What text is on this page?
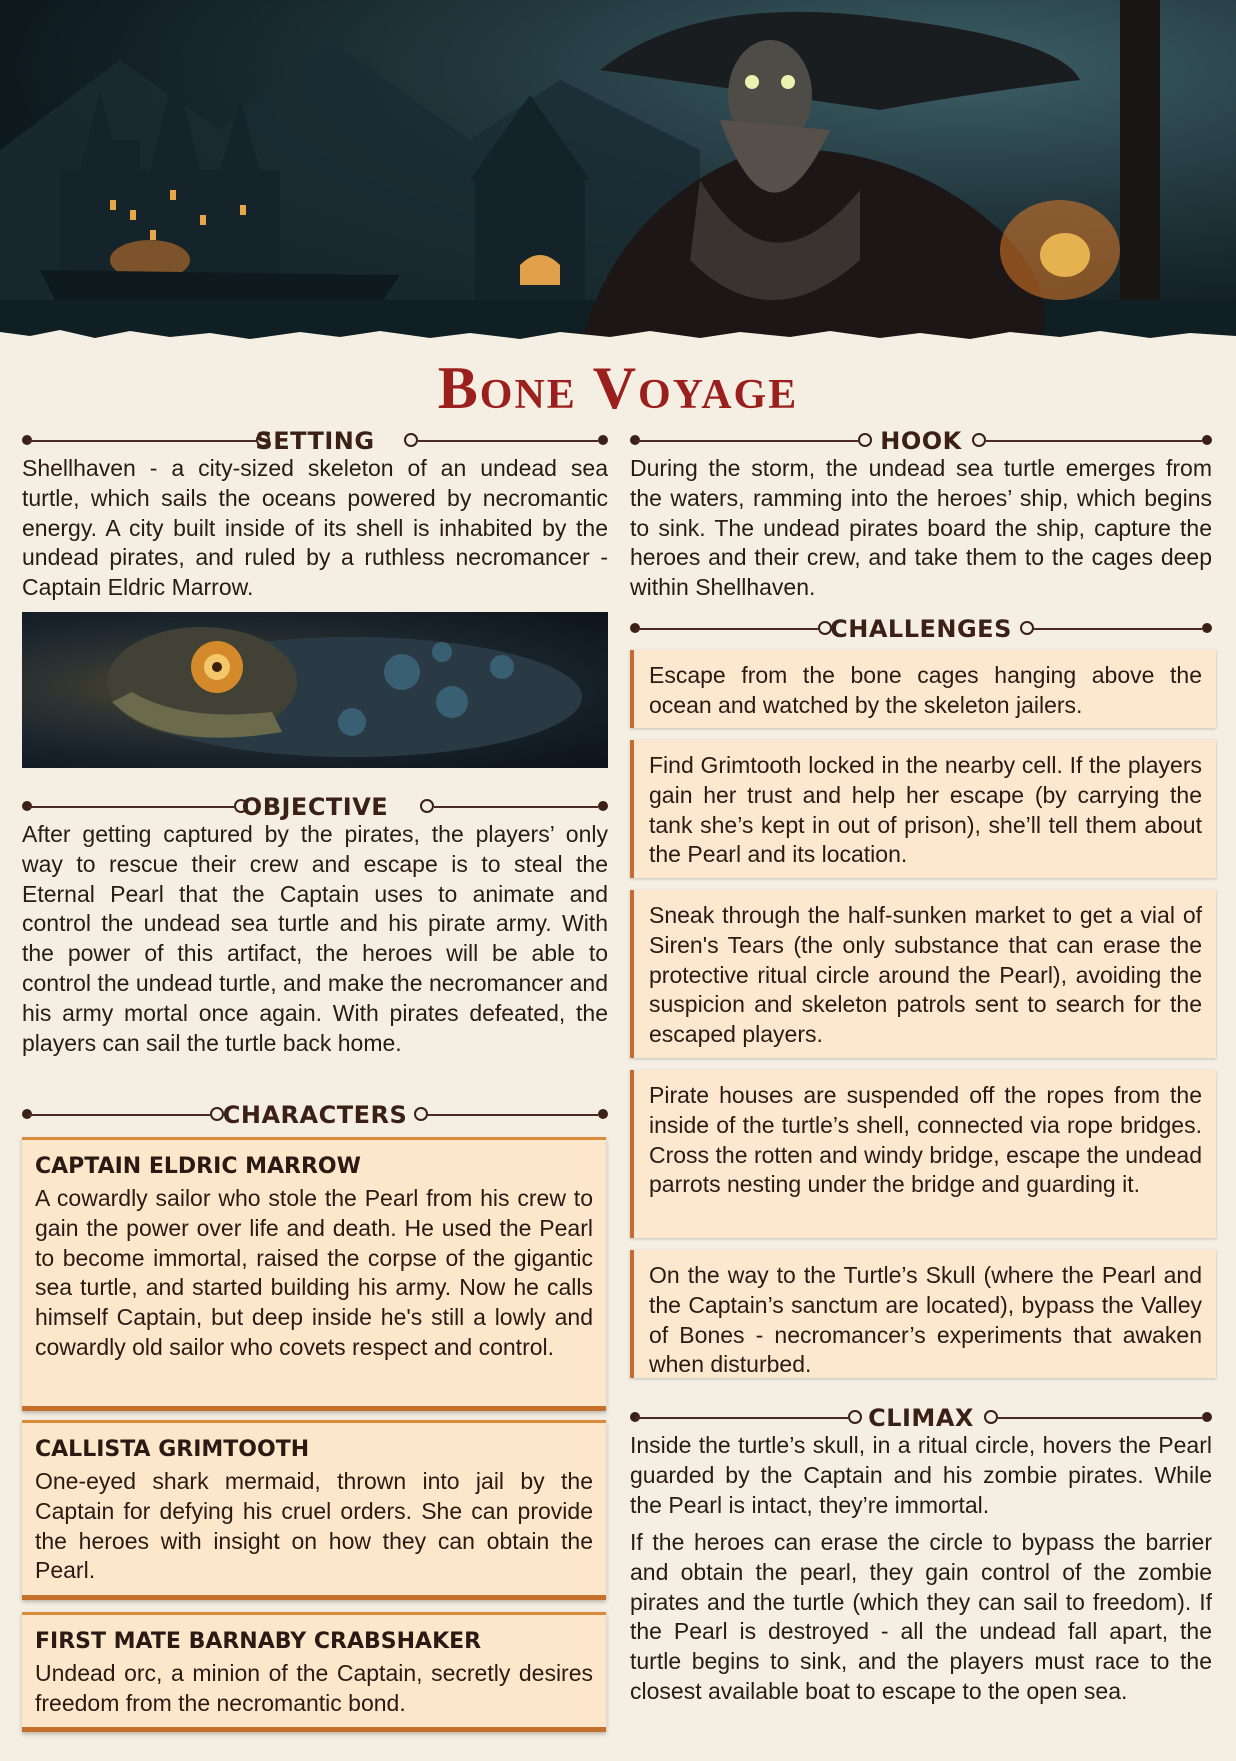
Bone Voyage
SETTING

Shellhaven - a city-sized skeleton of an undead sea turtle, which sails the oceans powered by necromantic energy. A city built inside of its shell is inhabited by the undead pirates, and ruled by a ruthless necromancer - Captain Eldric Marrow.

OBJECTIVE

After getting captured by the pirates, the players’ only way to rescue their crew and escape is to steal the Eternal Pearl that the Captain uses to animate and control the undead sea turtle and his pirate army. With the power of this artifact, the heroes will be able to control the undead turtle, and make the necromancer and his army mortal once again. With pirates defeated, the players can sail the turtle back home.

CHARACTERS

CAPTAIN ELDRIC MARROW

A cowardly sailor who stole the Pearl from his crew to gain the power over life and death. He used the Pearl to become immortal, raised the corpse of the gigantic sea turtle, and started building his army. Now he calls himself Captain, but deep inside he's still a lowly and cowardly old sailor who covets respect and control.

CALLISTA GRIMTOOTH

One-eyed shark mermaid, thrown into jail by the Captain for defying his cruel orders. She can provide the heroes with insight on how they can obtain the Pearl.

FIRST MATE BARNABY CRABSHAKER

Undead orc, a minion of the Captain, secretly desires freedom from the necromantic bond.

HOOK

During the storm, the undead sea turtle emerges from the waters, ramming into the heroes’ ship, which begins to sink. The undead pirates board the ship, capture the heroes and their crew, and take them to the cages deep within Shellhaven.

CHALLENGES

Escape from the bone cages hanging above the ocean and watched by the skeleton jailers.

Find Grimtooth locked in the nearby cell. If the players gain her trust and help her escape (by carrying the tank she’s kept in out of prison), she’ll tell them about the Pearl and its location.

Sneak through the half-sunken market to get a vial of Siren's Tears (the only substance that can erase the protective ritual circle around the Pearl), avoiding the suspicion and skeleton patrols sent to search for the escaped players.

Pirate houses are suspended off the ropes from the inside of the turtle’s shell, connected via rope bridges. Cross the rotten and windy bridge, escape the undead parrots nesting under the bridge and guarding it.

On the way to the Turtle’s Skull (where the Pearl and the Captain’s sanctum are located), bypass the Valley of Bones - necromancer’s experiments that awaken when disturbed.

CLIMAX

Inside the turtle’s skull, in a ritual circle, hovers the Pearl guarded by the Captain and his zombie pirates. While the Pearl is intact, they’re immortal.

If the heroes can erase the circle to bypass the barrier and obtain the pearl, they gain control of the zombie pirates and the turtle (which they can sail to freedom). If the Pearl is destroyed - all the undead fall apart, the turtle begins to sink, and the players must race to the closest available boat to escape to the open sea.
